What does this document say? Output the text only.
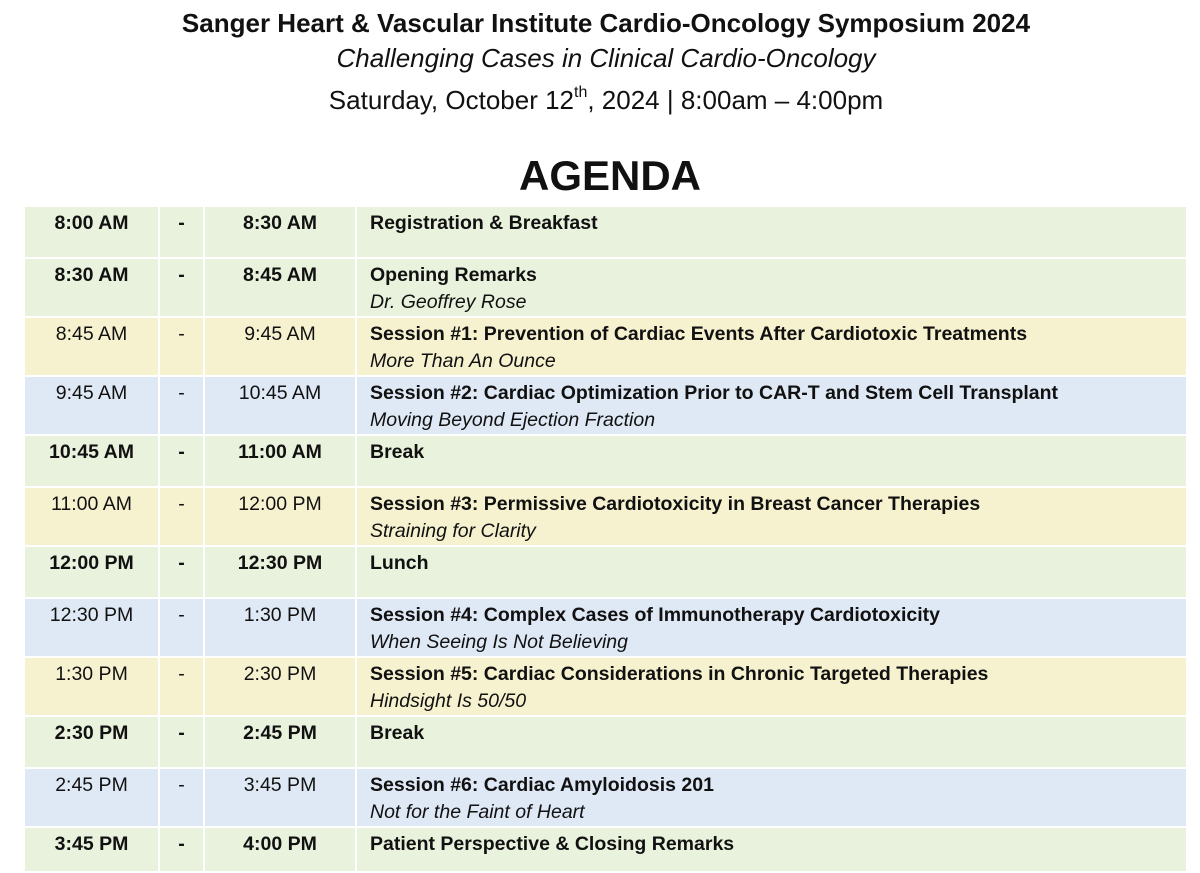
Sanger Heart & Vascular Institute Cardio-Oncology Symposium 2024
Challenging Cases in Clinical Cardio-Oncology
Saturday, October 12th, 2024 | 8:00am – 4:00pm
AGENDA
8:00 AM	-	8:30 AM	Registration & Breakfast

8:30 AM	-	8:45 AM	Opening Remarks
Dr. Geoffrey Rose

8:45 AM	-	9:45 AM	Session #1: Prevention of Cardiac Events After Cardiotoxic Treatments
More Than An Ounce

9:45 AM	-	10:45 AM	Session #2: Cardiac Optimization Prior to CAR-T and Stem Cell Transplant
Moving Beyond Ejection Fraction

10:45 AM	-	11:00 AM	Break

11:00 AM	-	12:00 PM	Session #3: Permissive Cardiotoxicity in Breast Cancer Therapies
Straining for Clarity

12:00 PM	-	12:30 PM	Lunch

12:30 PM	-	1:30 PM	Session #4: Complex Cases of Immunotherapy Cardiotoxicity
When Seeing Is Not Believing

1:30 PM	-	2:30 PM	Session #5: Cardiac Considerations in Chronic Targeted Therapies
Hindsight Is 50/50

2:30 PM	-	2:45 PM	Break

2:45 PM	-	3:45 PM	Session #6: Cardiac Amyloidosis 201
Not for the Faint of Heart

3:45 PM	-	4:00 PM	Patient Perspective & Closing Remarks
